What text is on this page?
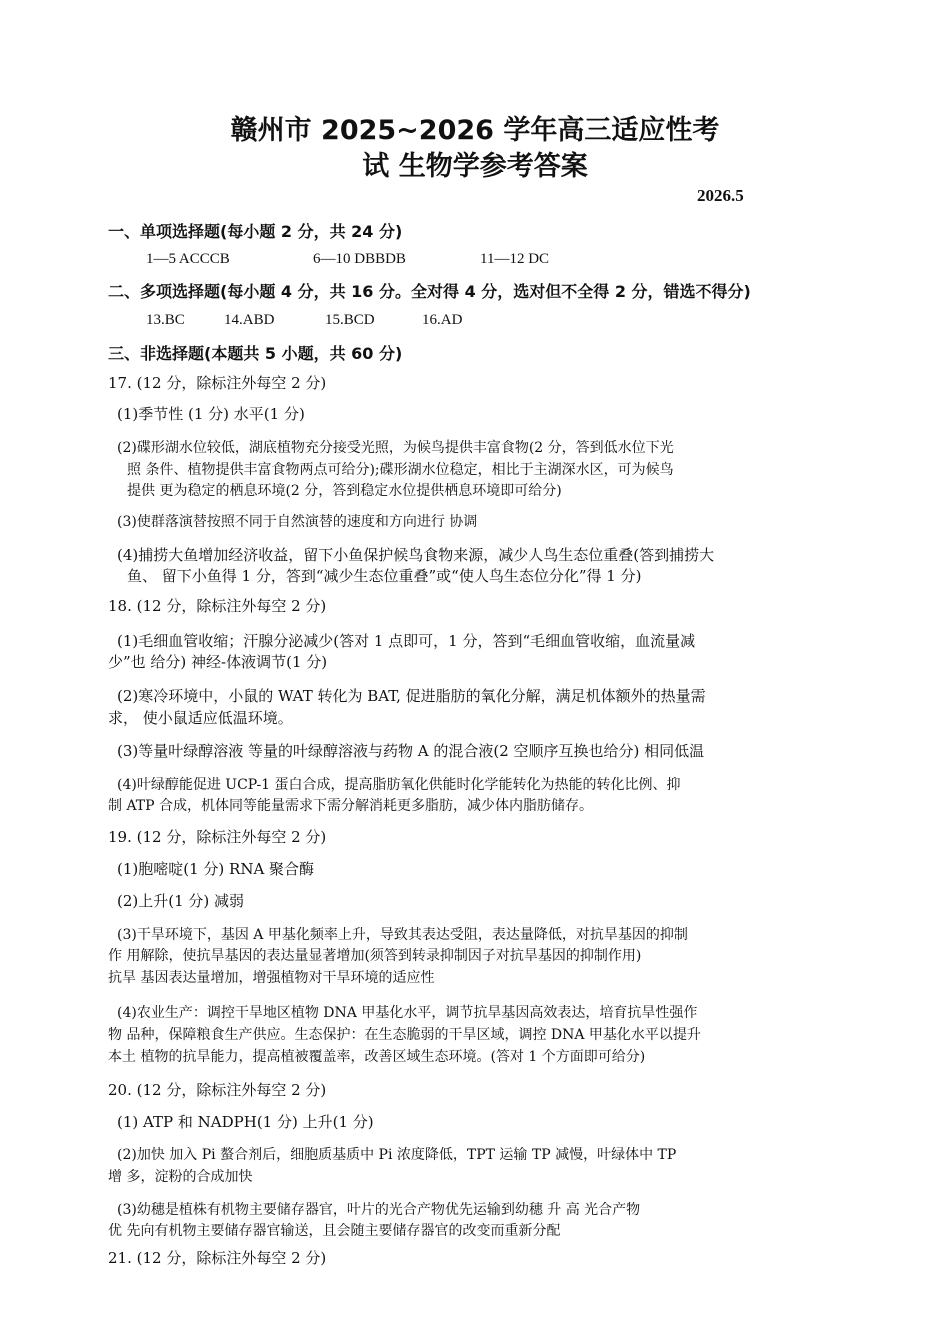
赣州市 2025~2026 学年高三适应性考
试 生物学参考答案
2026.5
一、单项选择题(每小题 2 分，共 24 分)
1—5 ACCCB	6—10 DBBDB	11—12 DC
二、多项选择题(每小题 4 分，共 16 分。全对得 4 分，选对但不全得 2 分，错选不得分)
13.BC	14.ABD	15.BCD	16.AD
三、非选择题(本题共 5 小题，共 60 分)
17. (12 分，除标注外每空 2 分)
(1)季节性 (1 分) 水平(1 分)
(2)碟形湖水位较低，湖底植物充分接受光照，为候鸟提供丰富食物(2 分，答到低水位下光
照 条件、植物提供丰富食物两点可给分);碟形湖水位稳定，相比于主湖深水区，可为候鸟
提供 更为稳定的栖息环境(2 分，答到稳定水位提供栖息环境即可给分)
(3)使群落演替按照不同于自然演替的速度和方向进行 协调
(4)捕捞大鱼增加经济收益，留下小鱼保护候鸟食物来源，减少人鸟生态位重叠(答到捕捞大
鱼、 留下小鱼得 1 分，答到“减少生态位重叠”或“使人鸟生态位分化”得 1 分)
18. (12 分，除标注外每空 2 分)
(1)毛细血管收缩；汗腺分泌减少(答对 1 点即可，1 分，答到“毛细血管收缩，血流量减
少”也 给分) 神经-体液调节(1 分)
(2)寒冷环境中，小鼠的 WAT 转化为 BAT, 促进脂肪的氧化分解，满足机体额外的热量需
求， 使小鼠适应低温环境。
(3)等量叶绿醇溶液 等量的叶绿醇溶液与药物 A 的混合液(2 空顺序互换也给分) 相同低温
(4)叶绿醇能促进 UCP-1 蛋白合成，提高脂肪氧化供能时化学能转化为热能的转化比例、抑
制 ATP 合成，机体同等能量需求下需分解消耗更多脂肪，减少体内脂肪储存。
19. (12 分，除标注外每空 2 分)
(1)胞嘧啶(1 分) RNA 聚合酶
(2)上升(1 分) 减弱
(3)干旱环境下，基因 A 甲基化频率上升，导致其表达受阻，表达量降低，对抗旱基因的抑制
作 用解除，使抗旱基因的表达量显著增加(须答到转录抑制因子对抗旱基因的抑制作用)
抗旱 基因表达量增加，增强植物对干旱环境的适应性
(4)农业生产：调控干旱地区植物 DNA 甲基化水平，调节抗旱基因高效表达，培育抗旱性强作
物 品种，保障粮食生产供应。生态保护：在生态脆弱的干旱区域，调控 DNA 甲基化水平以提升
本土 植物的抗旱能力，提高植被覆盖率，改善区域生态环境。(答对 1 个方面即可给分)
20. (12 分，除标注外每空 2 分)
(1) ATP 和 NADPH(1 分) 上升(1 分)
(2)加快 加入 Pi 螯合剂后，细胞质基质中 Pi 浓度降低，TPT 运输 TP 减慢，叶绿体中 TP
增 多，淀粉的合成加快
(3)幼穗是植株有机物主要储存器官，叶片的光合产物优先运输到幼穗 升 高 光合产物
优 先向有机物主要储存器官输送，且会随主要储存器官的改变而重新分配
21. (12 分，除标注外每空 2 分)
